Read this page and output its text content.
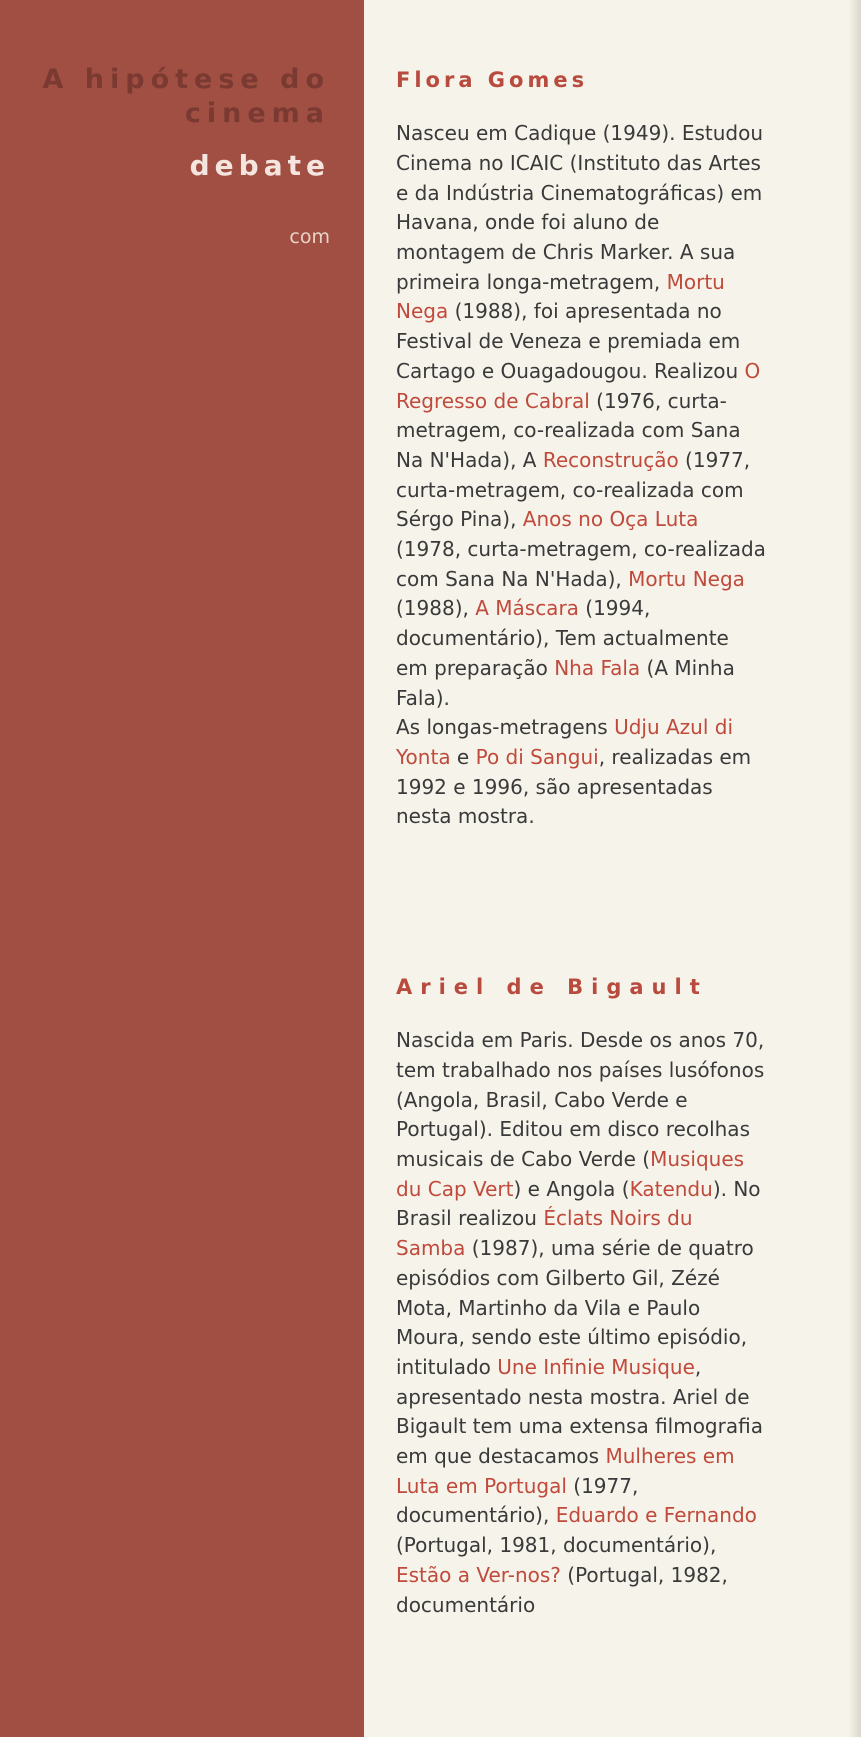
A hipótese do
cinema
debate
com
Flora Gomes

Nasceu em Cadique (1949). Estudou Cinema no ICAIC (Instituto das Artes e da Indústria Cinematográficas) em Havana, onde foi aluno de montagem de Chris Marker. A sua primeira longa-metragem, Mortu Nega (1988), foi apresentada no Festival de Veneza e premiada em Cartago e Ouagadougou. Realizou O Regresso de Cabral (1976, curta-metragem, co-realizada com Sana Na N'Hada), A Reconstrução (1977, curta-metragem, co-realizada com Sérgo Pina), Anos no Oça Luta (1978, curta-metragem, co-realizada com Sana Na N'Hada), Mortu Nega (1988), A Máscara (1994, documentário), Tem actualmente em preparação Nha Fala (A Minha Fala).
As longas-metragens Udju Azul di Yonta e Po di Sangui, realizadas em 1992 e 1996, são apresentadas nesta mostra.

Ariel de Bigault

Nascida em Paris. Desde os anos 70, tem trabalhado nos países lusófonos (Angola, Brasil, Cabo Verde e Portugal). Editou em disco recolhas musicais de Cabo Verde (Musiques du Cap Vert) e Angola (Katendu). No Brasil realizou Éclats Noirs du Samba (1987), uma série de quatro episódios com Gilberto Gil, Zézé Mota, Martinho da Vila e Paulo Moura, sendo este último episódio, intitulado Une Infinie Musique, apresentado nesta mostra. Ariel de Bigault tem uma extensa filmografia em que destacamos Mulheres em Luta em Portugal (1977, documentário), Eduardo e Fernando (Portugal, 1981, documentário), Estão a Ver-nos? (Portugal, 1982, documentário
